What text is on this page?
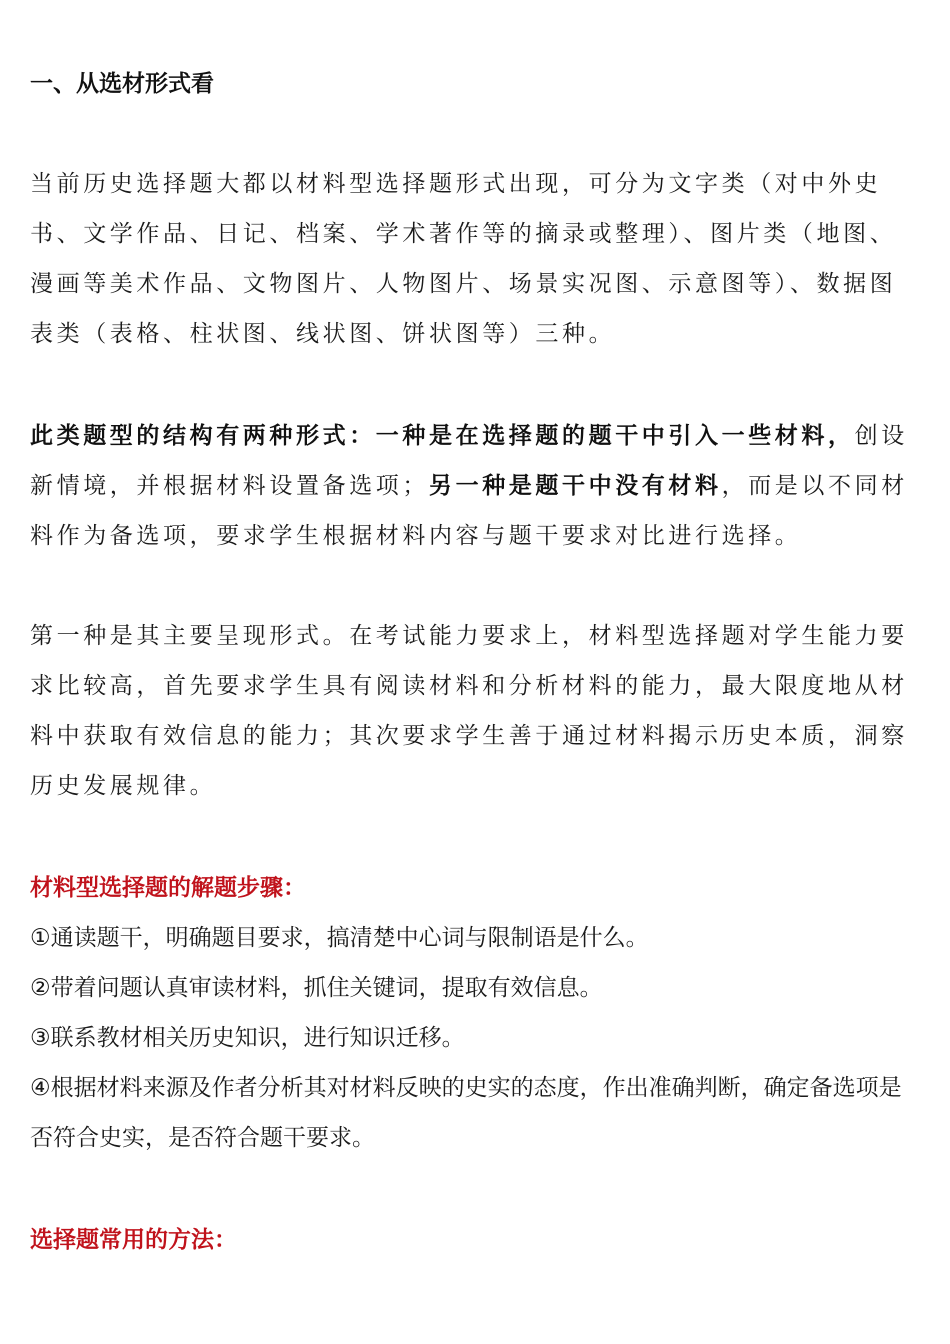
一、从选材形式看

当前历史选择题大都以材料型选择题形式出现，可分为文字类（对中外史书、文学作品、日记、档案、学术著作等的摘录或整理）、图片类（地图、漫画等美术作品、文物图片、人物图片、场景实况图、示意图等）、数据图表类（表格、柱状图、线状图、饼状图等）三种。

此类题型的结构有两种形式：一种是在选择题的题干中引入一些材料，创设新情境，并根据材料设置备选项；另一种是题干中没有材料，而是以不同材料作为备选项，要求学生根据材料内容与题干要求对比进行选择。

第一种是其主要呈现形式。在考试能力要求上，材料型选择题对学生能力要求比较高，首先要求学生具有阅读材料和分析材料的能力，最大限度地从材料中获取有效信息的能力；其次要求学生善于通过材料揭示历史本质，洞察历史发展规律。

材料型选择题的解题步骤：

①通读题干，明确题目要求，搞清楚中心词与限制语是什么。
②带着问题认真审读材料，抓住关键词，提取有效信息。
③联系教材相关历史知识，进行知识迁移。
④根据材料来源及作者分析其对材料反映的史实的态度，作出准确判断，确定备选项是否符合史实，是否符合题干要求。

选择题常用的方法：
